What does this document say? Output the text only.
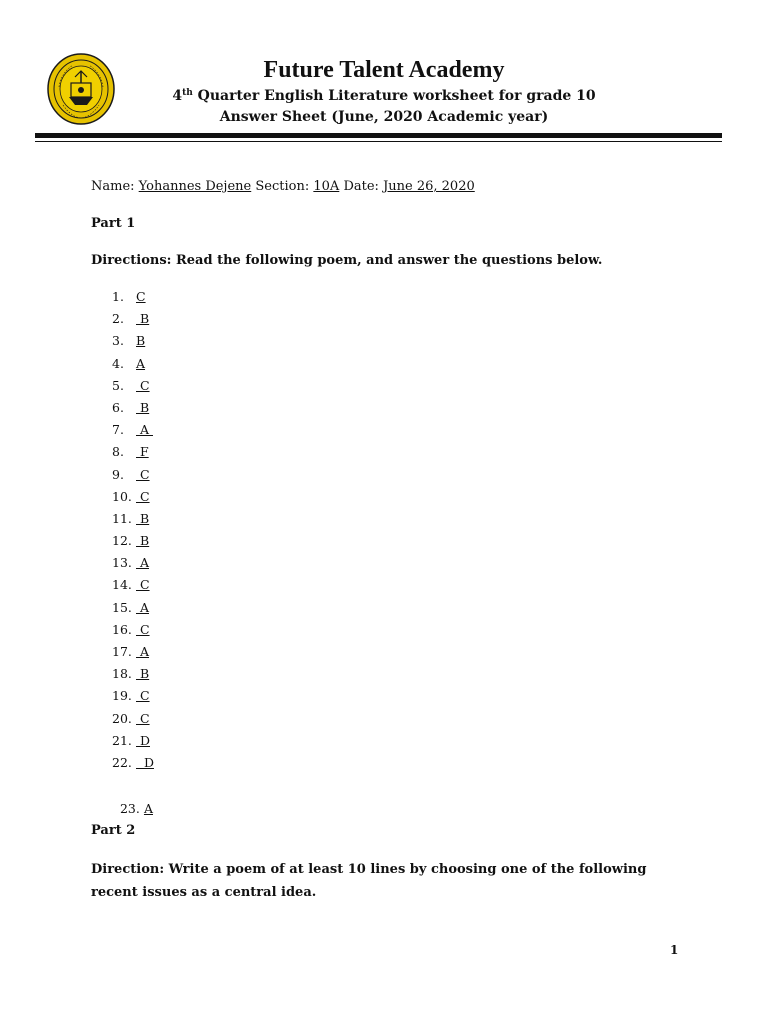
Future Talent Academy
4th Quarter English Literature worksheet for grade 10
Answer Sheet (June, 2020 Academic year)
Name: Yohannes Dejene Section: 10A Date: June 26, 2020
Part 1
Directions: Read the following poem, and answer the questions below.
1. C
2. B
3. B
4. A
5. C
6. B
7. A
8. F
9. C
10. C
11. B
12. B
13. A
14. C
15. A
16. C
17. A
18. B
19. C
20. C
21. D
22.  D

23. A

Part 2
Direction: Write a poem of at least 10 lines by choosing one of the following recent issues as a central idea.
1
